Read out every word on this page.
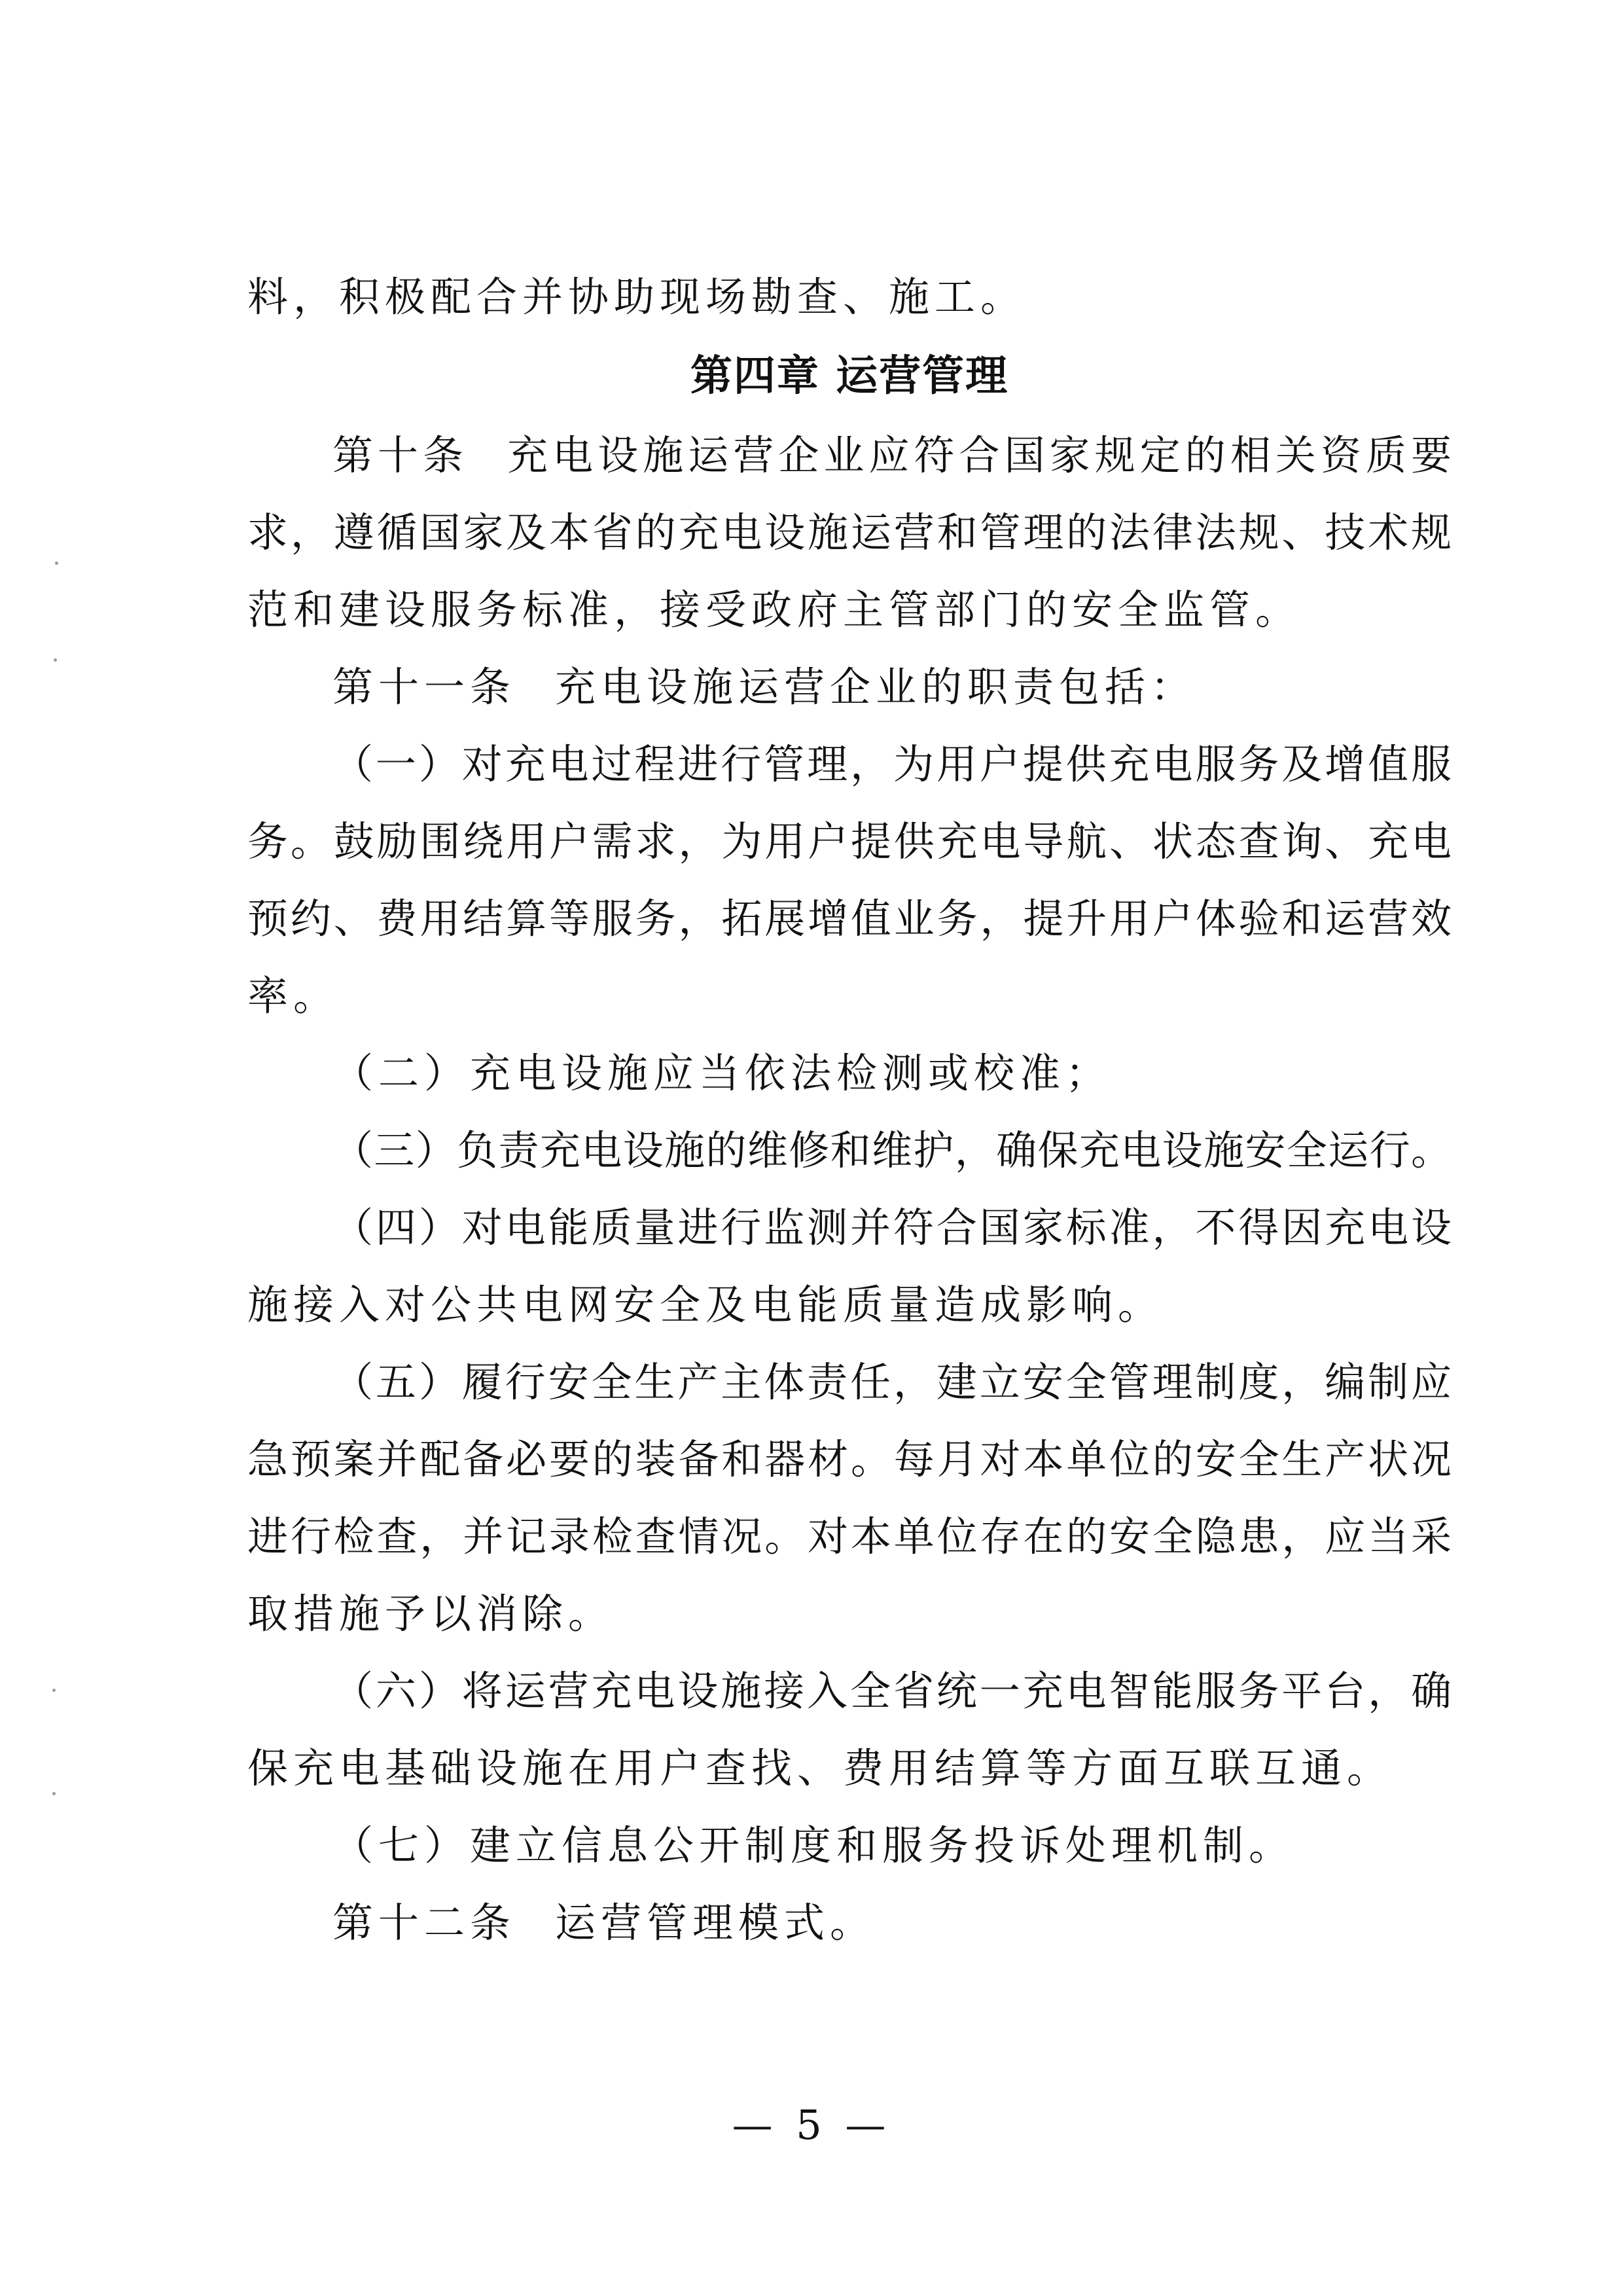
料，积极配合并协助现场勘查、施工。
第四章 运营管理
第十条 充电设施运营企业应符合国家规定的相关资质要
求，遵循国家及本省的充电设施运营和管理的法律法规、技术规
范和建设服务标准，接受政府主管部门的安全监管。
第十一条 充电设施运营企业的职责包括：
（一）对充电过程进行管理，为用户提供充电服务及增值服
务。鼓励围绕用户需求，为用户提供充电导航、状态查询、充电
预约、费用结算等服务，拓展增值业务，提升用户体验和运营效
率。
（二）充电设施应当依法检测或校准；
（三）负责充电设施的维修和维护，确保充电设施安全运行。
（四）对电能质量进行监测并符合国家标准，不得因充电设
施接入对公共电网安全及电能质量造成影响。
（五）履行安全生产主体责任，建立安全管理制度，编制应
急预案并配备必要的装备和器材。每月对本单位的安全生产状况
进行检查，并记录检查情况。对本单位存在的安全隐患，应当采
取措施予以消除。
（六）将运营充电设施接入全省统一充电智能服务平台，确
保充电基础设施在用户查找、费用结算等方面互联互通。
（七）建立信息公开制度和服务投诉处理机制。
第十二条 运营管理模式。
— 5 —
